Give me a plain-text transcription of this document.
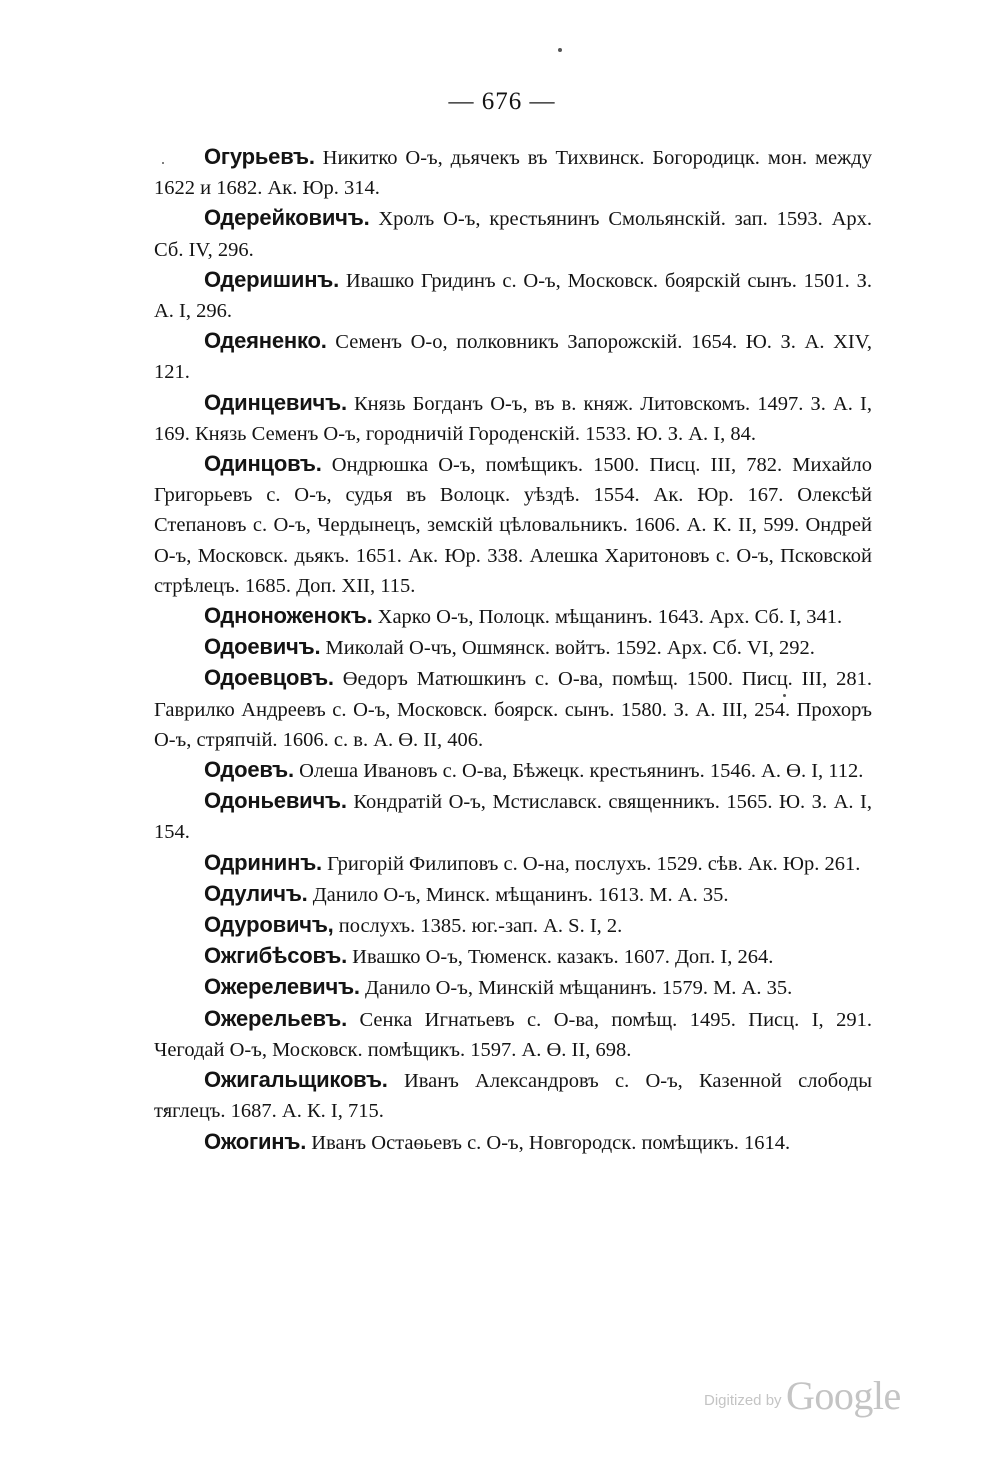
— 676 —

Огурьевъ. Никитко О-ъ, дьячекъ въ Тихвинск. Богородицк. мон. между 1622 и 1682. Ак. Юр. 314.

Одерейковичъ. Хролъ О-ъ, крестьянинъ Смольянскій. зап. 1593. Арх. Сб. IV, 296.

Одеришинъ. Ивашко Гридинъ с. О-ъ, Московск. боярскій сынъ. 1501. З. А. I, 296.

Одеяненко. Семенъ О-о, полковникъ Запорожскій. 1654. Ю. З. А. XIV, 121.

Одинцевичъ. Князь Богданъ О-ъ, въ в. княж. Литовскомъ. 1497. З. А. I, 169. Князь Семенъ О-ъ, городничій Городенскій. 1533. Ю. З. А. I, 84.

Одинцовъ. Ондрюшка О-ъ, помѣщикъ. 1500. Писц. III, 782. Михайло Григорьевъ с. О-ъ, судья въ Волоцк. уѣздѣ. 1554. Ак. Юр. 167. Олексѣй Степановъ с. О-ъ, Чердынецъ, земскій цѣловальникъ. 1606. А. К. II, 599. Ондрей О-ъ, Московск. дьякъ. 1651. Ак. Юр. 338. Алешка Харитоновъ с. О-ъ, Псковской стрѣлецъ. 1685. Доп. XII, 115.

Одноноженокъ. Харко О-ъ, Полоцк. мѣщанинъ. 1643. Арх. Сб. I, 341.

Одоевичъ. Миколай О-чъ, Ошмянск. войтъ. 1592. Арх. Сб. VI, 292.

Одоевцовъ. Өедоръ Матюшкинъ с. О-ва, помѣщ. 1500. Писц. III, 281. Гаврилко Андреевъ с. О-ъ, Московск. боярск. сынъ. 1580. З. А. III, 254. Прохоръ О-ъ, стряпчій. 1606. с. в. А. Ө. II, 406.

Одоевъ. Олеша Ивановъ с. О-ва, Бѣжецк. крестьянинъ. 1546. А. Ө. I, 112.

Одоньевичъ. Кондратій О-ъ, Мстиславск. священникъ. 1565. Ю. З. А. I, 154.

Одрининъ. Григорій Филиповъ с. О-на, послухъ. 1529. сѣв. Ак. Юр. 261.

Одуличъ. Данило О-ъ, Минск. мѣщанинъ. 1613. М. А. 35.

Одуровичъ, послухъ. 1385. юг.-зап. А. S. I, 2.

Ожгибѣсовъ. Ивашко О-ъ, Тюменск. казакъ. 1607. Доп. I, 264.

Ожерелевичъ. Данило О-ъ, Минскій мѣщанинъ. 1579. М. А. 35.

Ожерельевъ. Сенка Игнатьевъ с. О-ва, помѣщ. 1495. Писц. I, 291. Чегодай О-ъ, Московск. помѣщикъ. 1597. А. Ө. II, 698.

Ожигальщиковъ. Иванъ Александровъ с. О-ъ, Казенной слободы тяглецъ. 1687. А. К. I, 715.

Ожогинъ. Иванъ Остаөьевъ с. О-ъ, Новгородск. помѣщикъ. 1614.

Digitized by Google
